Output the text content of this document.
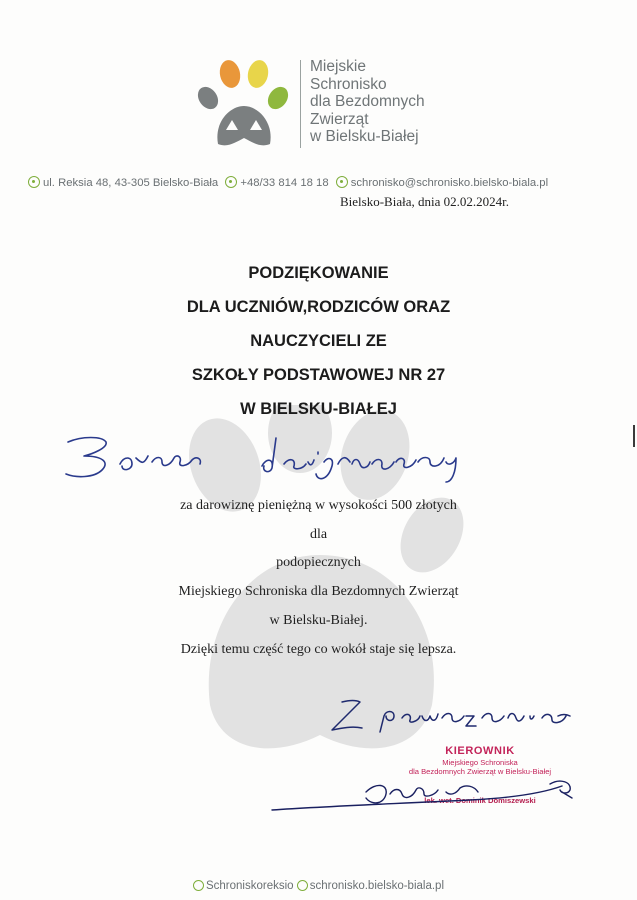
Miejskie
Schronisko
dla Bezdomnych
Zwierząt
w Bielsku-Białej
ul. Reksia 48, 43-305 Bielsko-Biała +48/33 814 18 18 schronisko@schronisko.bielsko-biala.pl
Bielsko-Biała, dnia 02.02.2024r.
PODZIĘKOWANIE
DLA UCZNIÓW,RODZICÓW ORAZ
NAUCZYCIELI ZE
SZKOŁY PODSTAWOWEJ NR 27
W BIELSKU-BIAŁEJ
za darowiznę pieniężną w wysokości 500 złotych
dla
podopiecznych
Miejskiego Schroniska dla Bezdomnych Zwierząt
w Bielsku-Białej.
Dzięki temu część tego co wokół staje się lepsza.
KIEROWNIK
Miejskiego Schroniska
dla Bezdomnych Zwierząt w Bielsku-Białej
lek. wet. Dominik Domiszewski
Schroniskoreksio schronisko.bielsko-biala.pl
